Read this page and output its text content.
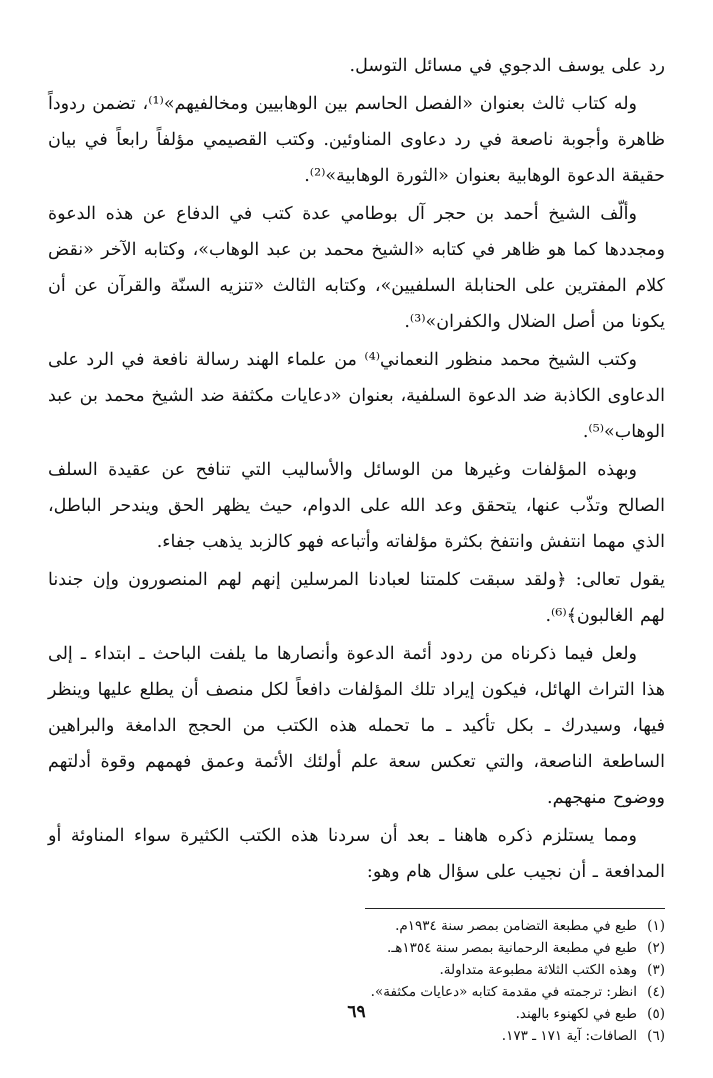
رد على يوسف الدجوي في مسائل التوسل.

وله كتاب ثالث بعنوان «الفصل الحاسم بين الوهابيين ومخالفيهم»⁽¹⁾، تضمن ردوداً ظاهرة وأجوبة ناصعة في رد دعاوى المناوئين. وكتب القصيمي مؤلفاً رابعاً في بيان حقيقة الدعوة الوهابية بعنوان «الثورة الوهابية»⁽²⁾.

وألّف الشيخ أحمد بن حجر آل بوطامي عدة كتب في الدفاع عن هذه الدعوة ومجددها كما هو ظاهر في كتابه «الشيخ محمد بن عبد الوهاب»، وكتابه الآخر «نقض كلام المفترين على الحنابلة السلفيين»، وكتابه الثالث «تنزيه السنّة والقرآن عن أن يكونا من أصل الضلال والكفران»⁽³⁾.

وكتب الشيخ محمد منظور النعماني⁽⁴⁾ من علماء الهند رسالة نافعة في الرد على الدعاوى الكاذبة ضد الدعوة السلفية، بعنوان «دعايات مكثفة ضد الشيخ محمد بن عبد الوهاب»⁽⁵⁾.

وبهذه المؤلفات وغيرها من الوسائل والأساليب التي تنافح عن عقيدة السلف الصالح وتذّب عنها، يتحقق وعد الله على الدوام، حيث يظهر الحق ويندحر الباطل، الذي مهما انتفش وانتفخ بكثرة مؤلفاته وأتباعه فهو كالزبد يذهب جفاء.

يقول تعالى: ﴿ولقد سبقت كلمتنا لعبادنا المرسلين إنهم لهم المنصورون وإن جندنا لهم الغالبون﴾⁽⁶⁾.

ولعل فيما ذكرناه من ردود أئمة الدعوة وأنصارها ما يلفت الباحث ـ ابتداء ـ إلى هذا التراث الهائل، فيكون إيراد تلك المؤلفات دافعاً لكل منصف أن يطلع عليها وينظر فيها، وسيدرك ـ بكل تأكيد ـ ما تحمله هذه الكتب من الحجج الدامغة والبراهين الساطعة الناصعة، والتي تعكس سعة علم أولئك الأئمة وعمق فهمهم وقوة أدلتهم ووضوح منهجهم.

ومما يستلزم ذكره هاهنا ـ بعد أن سردنا هذه الكتب الكثيرة سواء المناوئة أو المدافعة ـ أن نجيب على سؤال هام وهو:

(١)
طبع في مطبعة التضامن بمصر سنة ١٩٣٤م.
(٢)
طبع في مطبعة الرحمانية بمصر سنة ١٣٥٤هـ.
(٣)
وهذه الكتب الثلاثة مطبوعة متداولة.
(٤)
انظر: ترجمته في مقدمة كتابه «دعايات مكثفة».
(٥)
طبع في لكهنوء بالهند.
(٦)
الصافات: آية ١٧١ ـ ١٧٣.
٦٩
